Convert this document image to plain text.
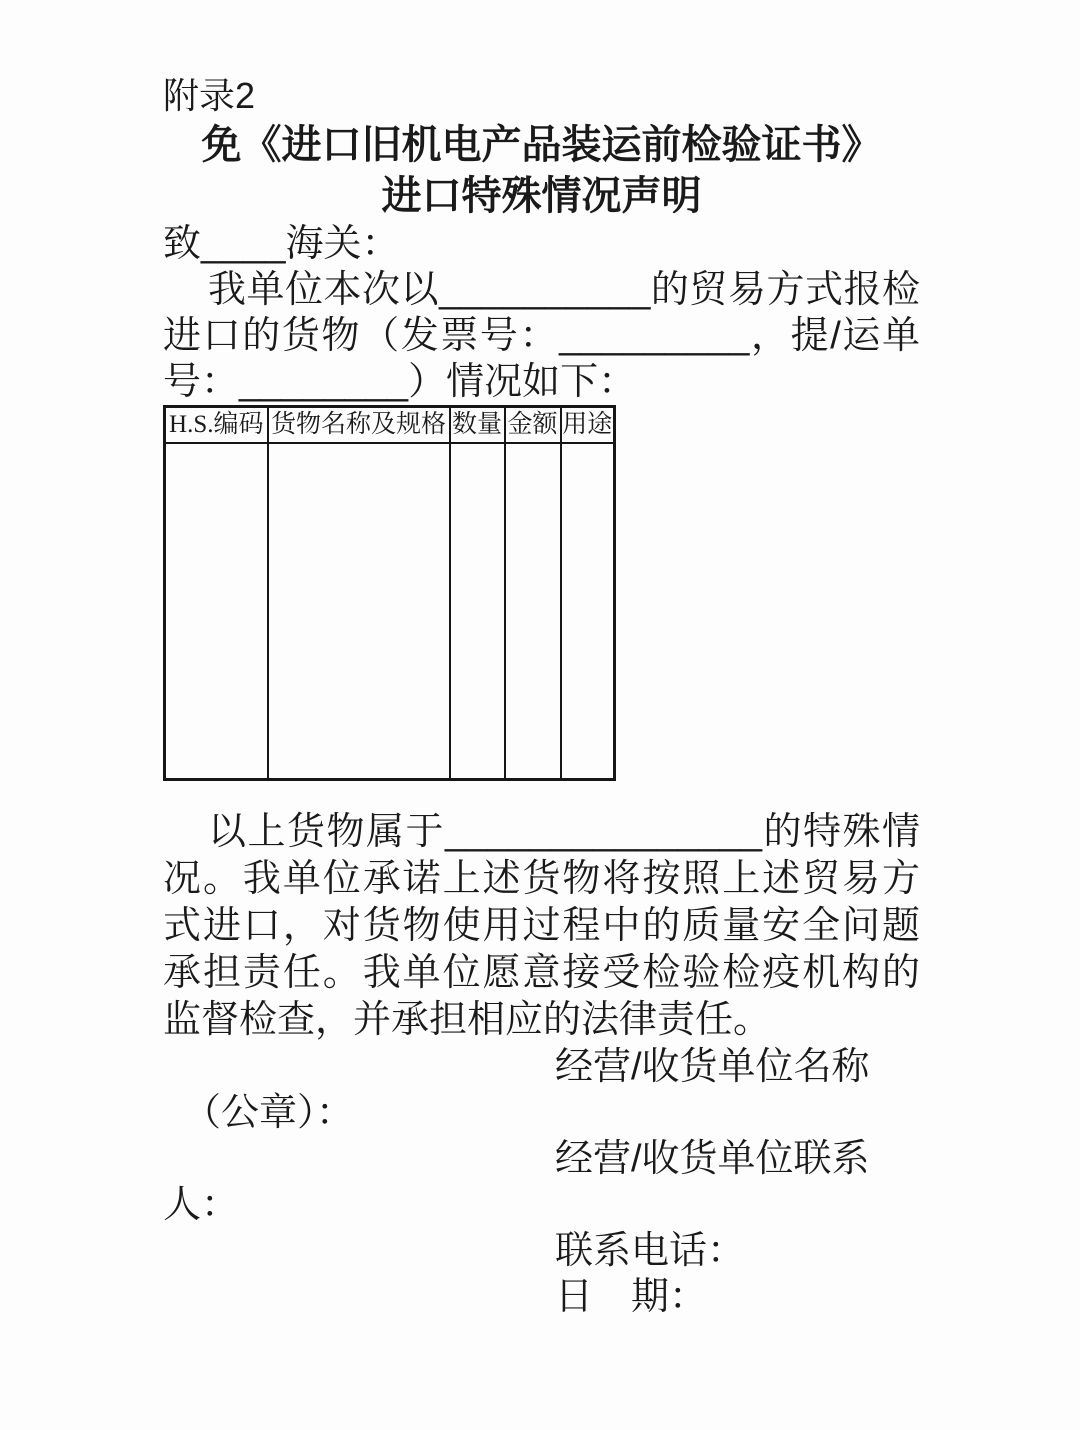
附录2
免《进口旧机电产品装运前检验证书》
进口特殊情况声明
致____海关：
我单位本次以__________的贸易方式报检
进口的货物（发票号：_________，提/运单
号：________）情况如下：
H.S.编码	货物名称及规格	数量	金额	用途

以上货物属于_______________的特殊情
况。我单位承诺上述货物将按照上述贸易方
式进口，对货物使用过程中的质量安全问题
承担责任。我单位愿意接受检验检疫机构的
监督检查，并承担相应的法律责任。
经营/收货单位名称
（公章）：
经营/收货单位联系
人：
联系电话：
日　期：
